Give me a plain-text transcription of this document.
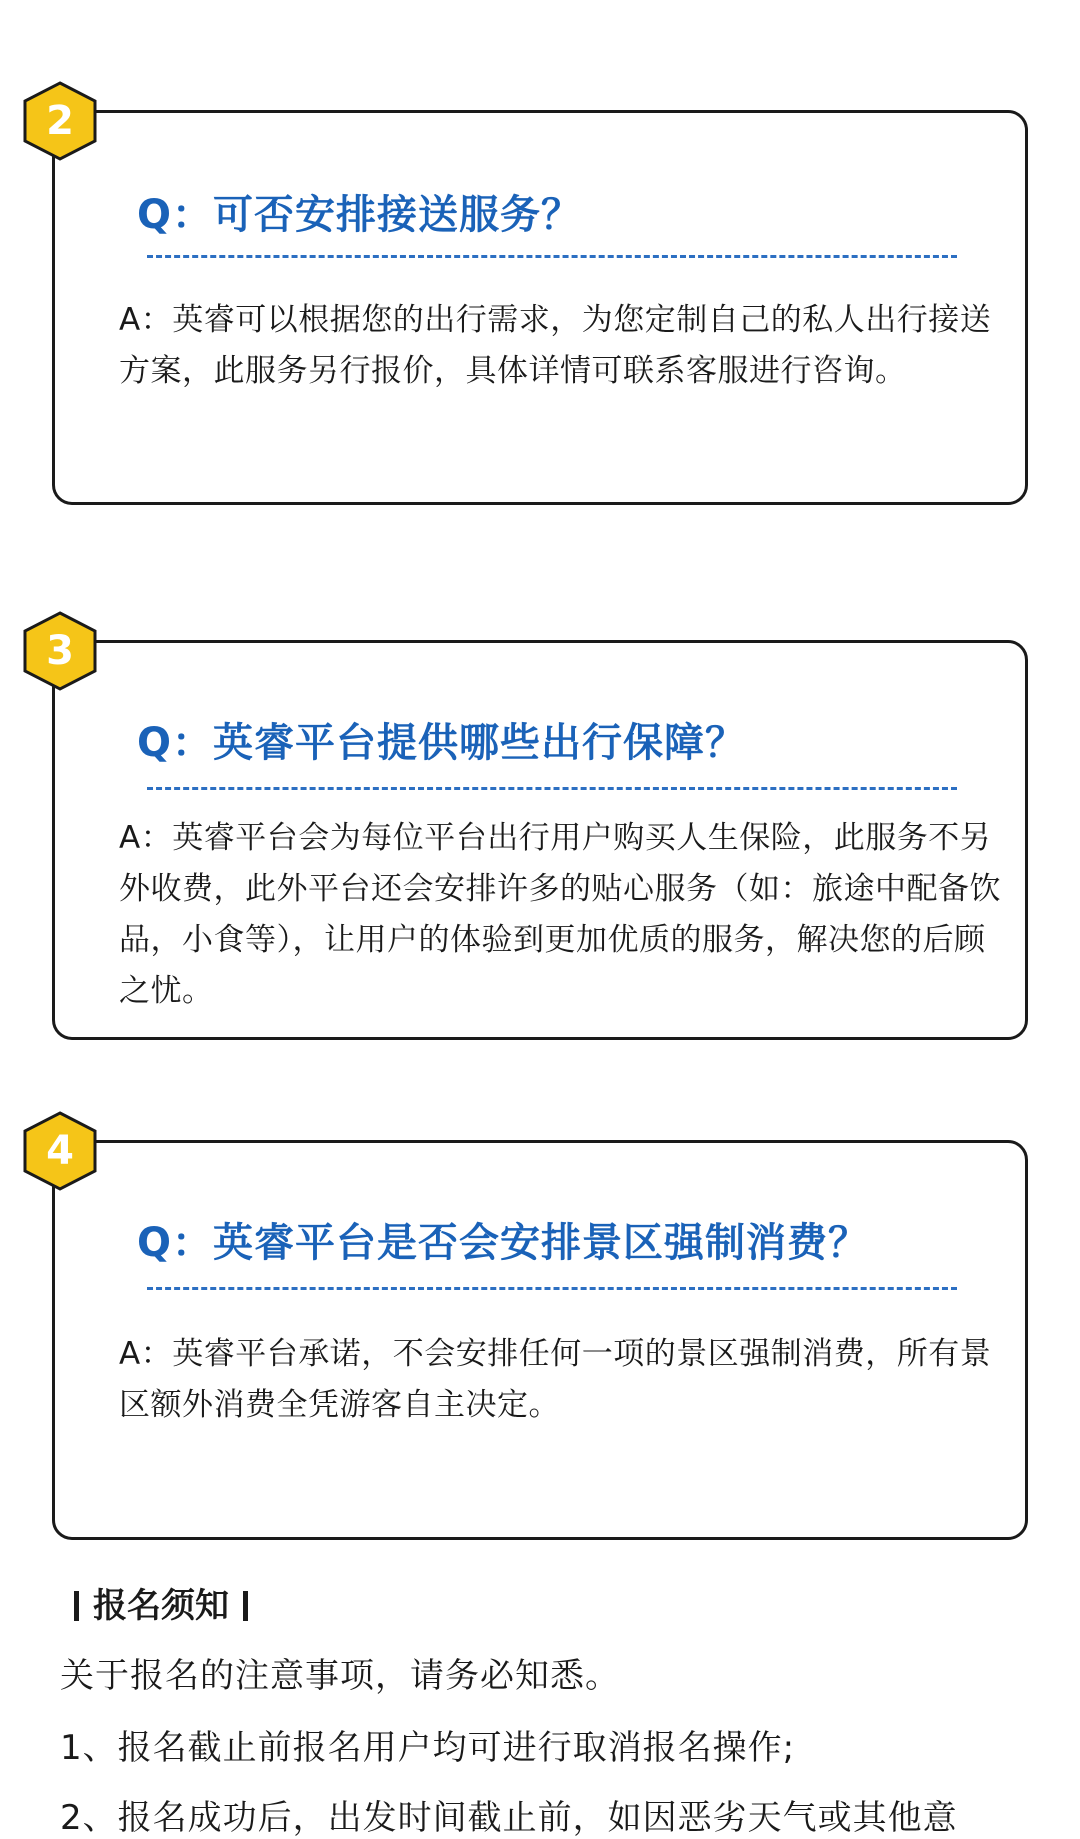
Q：可否安排接送服务？
A：英睿可以根据您的出行需求，为您定制自己的私人出行接送方案，此服务另行报价，具体详情可联系客服进行咨询。
2
Q：英睿平台提供哪些出行保障？
A：英睿平台会为每位平台出行用户购买人生保险，此服务不另外收费，此外平台还会安排许多的贴心服务（如：旅途中配备饮品，小食等），让用户的体验到更加优质的服务，解决您的后顾之忧。
3
Q：英睿平台是否会安排景区强制消费？
A：英睿平台承诺，不会安排任何一项的景区强制消费，所有景区额外消费全凭游客自主决定。
4
报名须知
关于报名的注意事项，请务必知悉。
1、报名截止前报名用户均可进行取消报名操作;
2、报名成功后，出发时间截止前，如因恶劣天气或其他意
